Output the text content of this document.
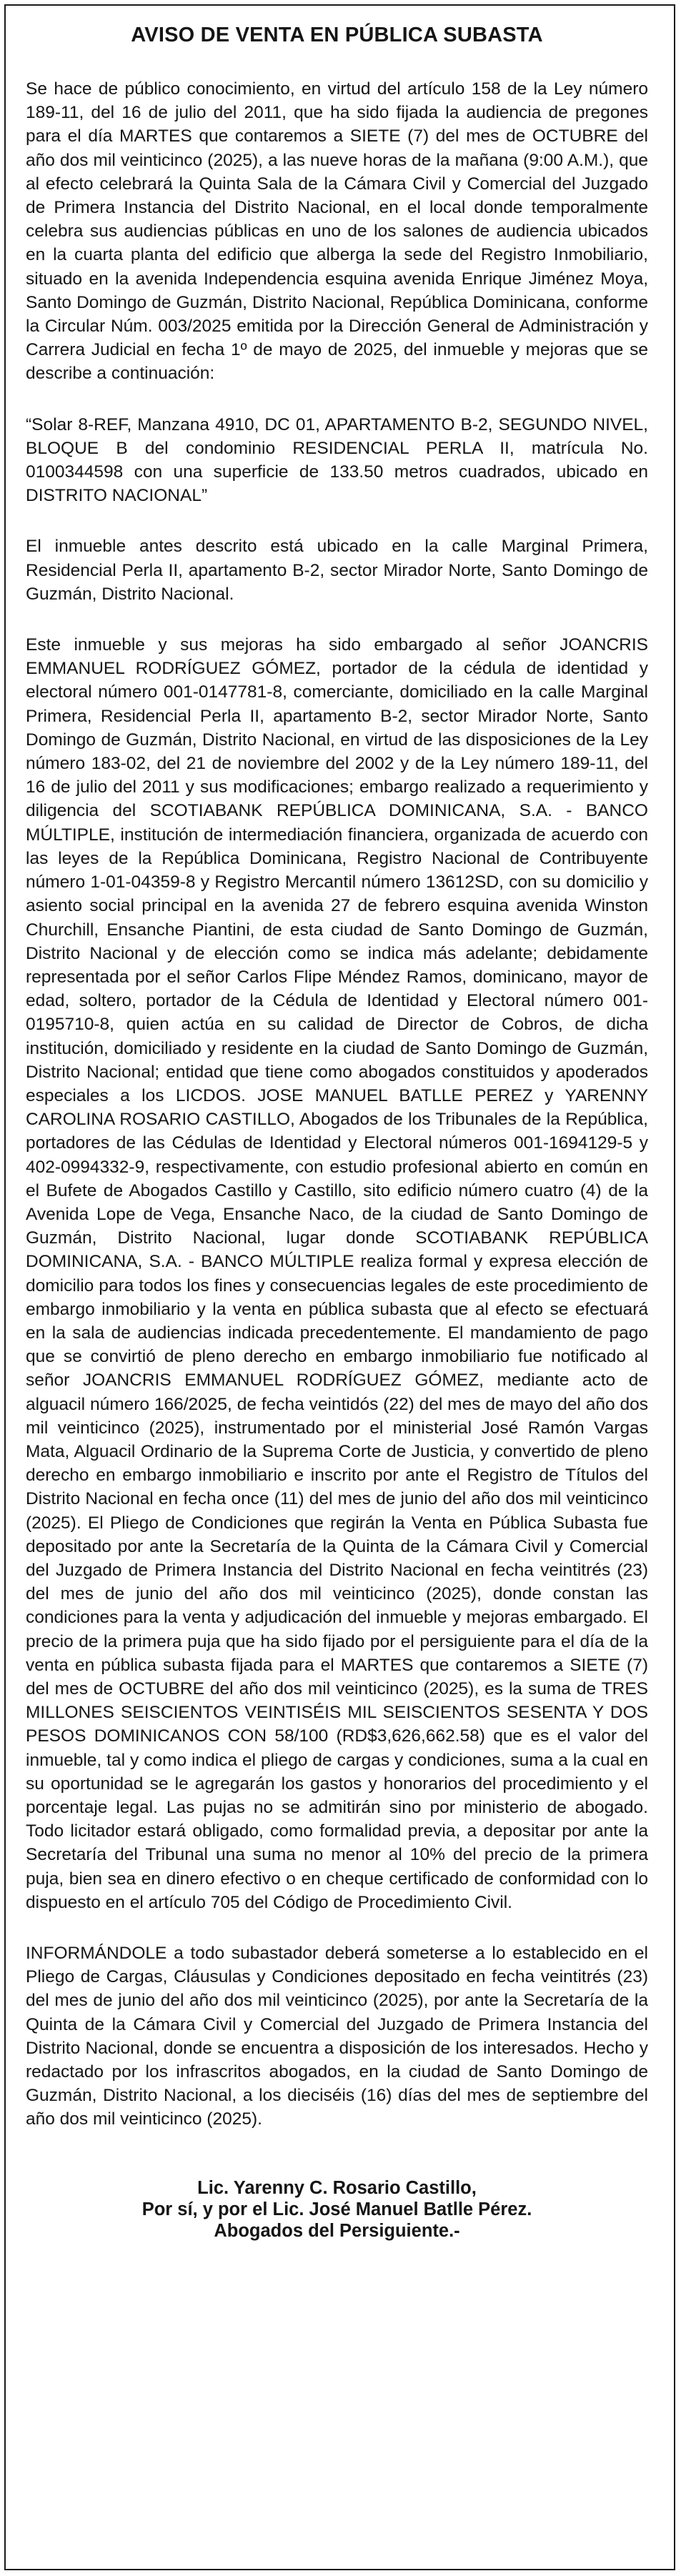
AVISO DE VENTA EN PÚBLICA SUBASTA

Se hace de público conocimiento, en virtud del artículo 158 de la Ley número 189-11, del 16 de julio del 2011, que ha sido fijada la audiencia de pregones para el día MARTES que contaremos a SIETE (7) del mes de OCTUBRE del año dos mil veinticinco (2025), a las nueve horas de la mañana (9:00 A.M.), que al efecto celebrará la Quinta Sala de la Cámara Civil y Comercial del Juzgado de Primera Instancia del Distrito Nacional, en el local donde temporalmente celebra sus audiencias públicas en uno de los salones de audiencia ubicados en la cuarta planta del edificio que alberga la sede del Registro Inmobiliario, situado en la avenida Independencia esquina avenida Enrique Jiménez Moya, Santo Domingo de Guzmán, Distrito Nacional, República Dominicana, conforme la Circular Núm. 003/2025 emitida por la Dirección General de Administración y Carrera Judicial en fecha 1º de mayo de 2025, del inmueble y mejoras que se describe a continuación:

“Solar 8-REF, Manzana 4910, DC 01, APARTAMENTO B-2, SEGUNDO NIVEL, BLOQUE B del condominio RESIDENCIAL PERLA II, matrícula No. 0100344598 con una superficie de 133.50 metros cuadrados, ubicado en DISTRITO NACIONAL”

El inmueble antes descrito está ubicado en la calle Marginal Primera, Residencial Perla II, apartamento B-2, sector Mirador Norte, Santo Domingo de Guzmán, Distrito Nacional.

Este inmueble y sus mejoras ha sido embargado al señor JOANCRIS EMMANUEL RODRÍGUEZ GÓMEZ, portador de la cédula de identidad y electoral número 001-0147781-8, comerciante, domiciliado en la calle Marginal Primera, Residencial Perla II, apartamento B-2, sector Mirador Norte, Santo Domingo de Guzmán, Distrito Nacional, en virtud de las disposiciones de la Ley número 183-02, del 21 de noviembre del 2002 y de la Ley número 189-11, del 16 de julio del 2011 y sus modificaciones; embargo realizado a requerimiento y diligencia del SCOTIABANK REPÚBLICA DOMINICANA, S.A. - BANCO MÚLTIPLE, institución de intermediación financiera, organizada de acuerdo con las leyes de la República Dominicana, Registro Nacional de Contribuyente número 1-01-04359-8 y Registro Mercantil número 13612SD, con su domicilio y asiento social principal en la avenida 27 de febrero esquina avenida Winston Churchill, Ensanche Piantini, de esta ciudad de Santo Domingo de Guzmán, Distrito Nacional y de elección como se indica más adelante; debidamente representada por el señor Carlos Flipe Méndez Ramos, dominicano, mayor de edad, soltero, portador de la Cédula de Identidad y Electoral número 001-0195710-8, quien actúa en su calidad de Director de Cobros, de dicha institución, domiciliado y residente en la ciudad de Santo Domingo de Guzmán, Distrito Nacional; entidad que tiene como abogados constituidos y apoderados especiales a los LICDOS. JOSE MANUEL BATLLE PEREZ y YARENNY CAROLINA ROSARIO CASTILLO, Abogados de los Tribunales de la República, portadores de las Cédulas de Identidad y Electoral números 001-1694129-5 y 402-0994332-9, respectivamente, con estudio profesional abierto en común en el Bufete de Abogados Castillo y Castillo, sito edificio número cuatro (4) de la Avenida Lope de Vega, Ensanche Naco, de la ciudad de Santo Domingo de Guzmán, Distrito Nacional, lugar donde SCOTIABANK REPÚBLICA DOMINICANA, S.A. - BANCO MÚLTIPLE realiza formal y expresa elección de domicilio para todos los fines y consecuencias legales de este procedimiento de embargo inmobiliario y la venta en pública subasta que al efecto se efectuará en la sala de audiencias indicada precedentemente. El mandamiento de pago que se convirtió de pleno derecho en embargo inmobiliario fue notificado al señor JOANCRIS EMMANUEL RODRÍGUEZ GÓMEZ, mediante acto de alguacil número 166/2025, de fecha veintidós (22) del mes de mayo del año dos mil veinticinco (2025), instrumentado por el ministerial José Ramón Vargas Mata, Alguacil Ordinario de la Suprema Corte de Justicia, y convertido de pleno derecho en embargo inmobiliario e inscrito por ante el Registro de Títulos del Distrito Nacional en fecha once (11) del mes de junio del año dos mil veinticinco (2025). El Pliego de Condiciones que regirán la Venta en Pública Subasta fue depositado por ante la Secretaría de la Quinta de la Cámara Civil y Comercial del Juzgado de Primera Instancia del Distrito Nacional en fecha veintitrés (23) del mes de junio del año dos mil veinticinco (2025), donde constan las condiciones para la venta y adjudicación del inmueble y mejoras embargado. El precio de la primera puja que ha sido fijado por el persiguiente para el día de la venta en pública subasta fijada para el MARTES que contaremos a SIETE (7) del mes de OCTUBRE del año dos mil veinticinco (2025), es la suma de TRES MILLONES SEISCIENTOS VEINTISÉIS MIL SEISCIENTOS SESENTA Y DOS PESOS DOMINICANOS CON 58/100 (RD$3,626,662.58) que es el valor del inmueble, tal y como indica el pliego de cargas y condiciones, suma a la cual en su oportunidad se le agregarán los gastos y honorarios del procedimiento y el porcentaje legal. Las pujas no se admitirán sino por ministerio de abogado. Todo licitador estará obligado, como formalidad previa, a depositar por ante la Secretaría del Tribunal una suma no menor al 10% del precio de la primera puja, bien sea en dinero efectivo o en cheque certificado de conformidad con lo dispuesto en el artículo 705 del Código de Procedimiento Civil.

INFORMÁNDOLE a todo subastador deberá someterse a lo establecido en el Pliego de Cargas, Cláusulas y Condiciones depositado en fecha veintitrés (23) del mes de junio del año dos mil veinticinco (2025), por ante la Secretaría de la Quinta de la Cámara Civil y Comercial del Juzgado de Primera Instancia del Distrito Nacional, donde se encuentra a disposición de los interesados. Hecho y redactado por los infrascritos abogados, en la ciudad de Santo Domingo de Guzmán, Distrito Nacional, a los dieciséis (16) días del mes de septiembre del año dos mil veinticinco (2025).

Lic. Yarenny C. Rosario Castillo,
Por sí, y por el Lic. José Manuel Batlle Pérez.
Abogados del Persiguiente.-
